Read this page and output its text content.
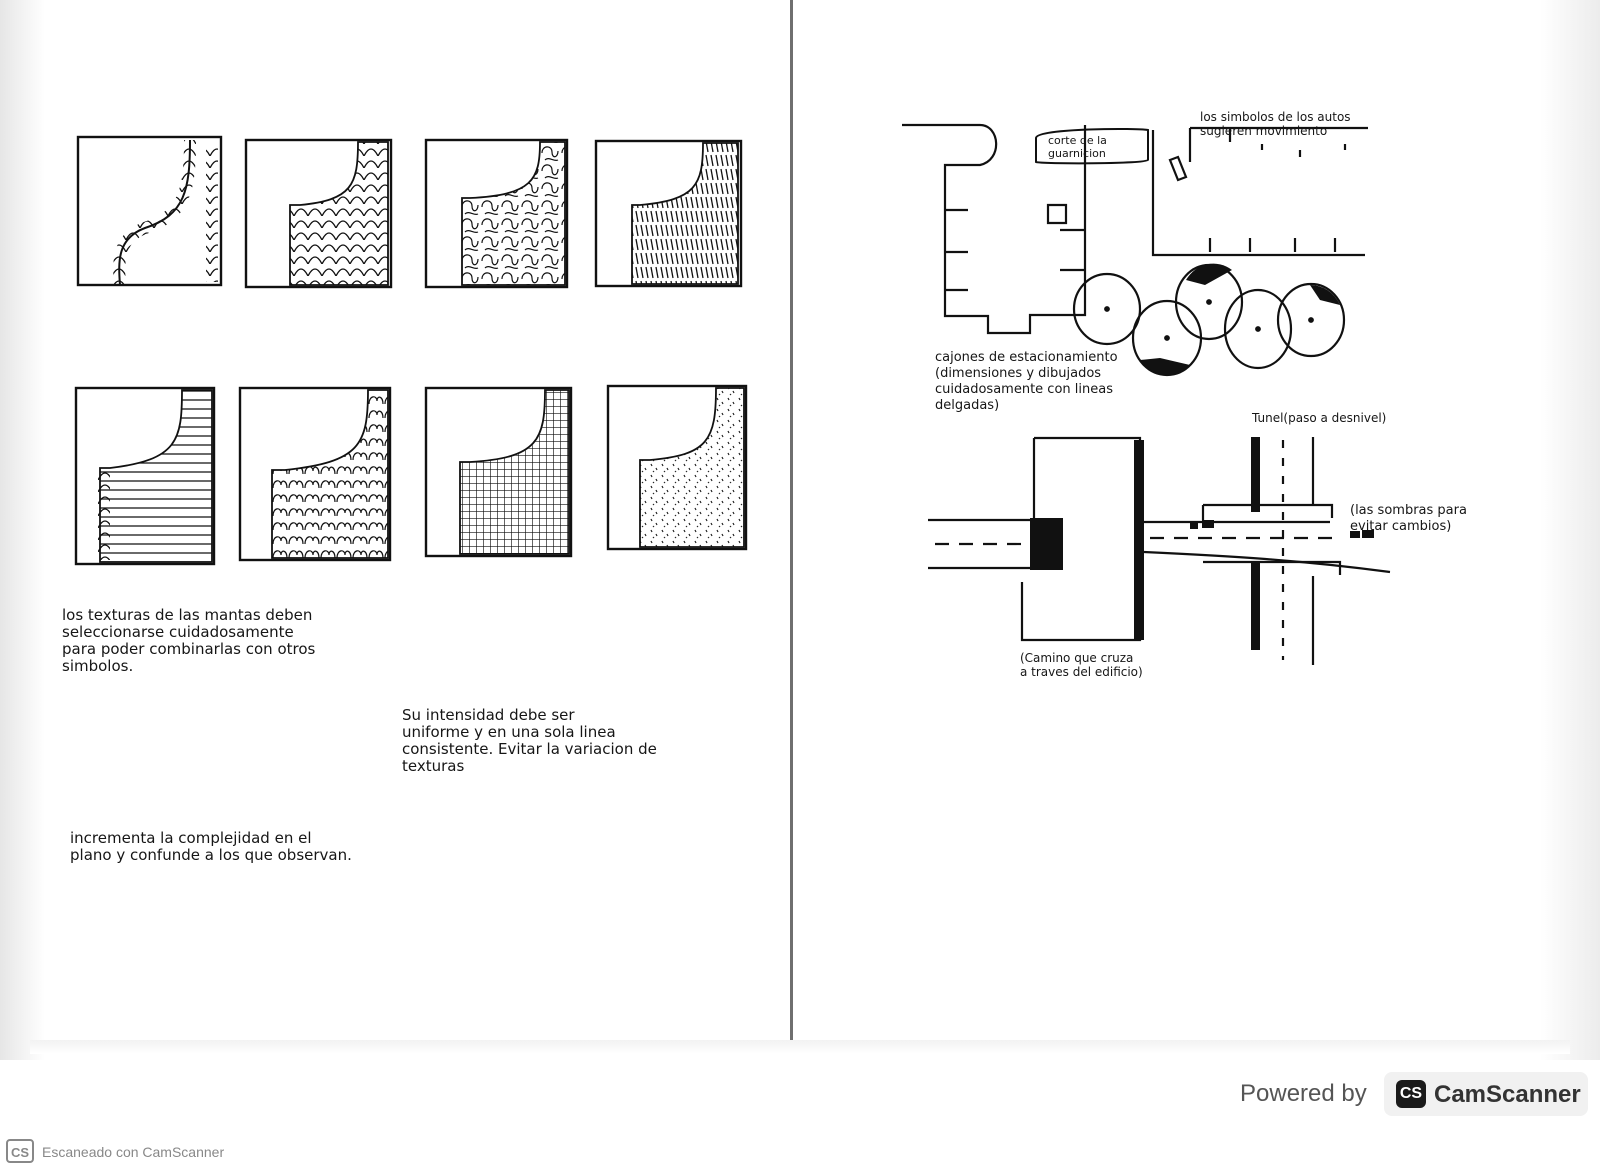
los texturas de las mantas deben
seleccionarse cuidadosamente
para poder combinarlas con otros
simbolos.

Su intensidad debe ser
uniforme y en una sola linea
consistente. Evitar la variacion de
texturas

incrementa la complejidad en el
plano y confunde a los que observan.

los simbolos de los autos
sugieren movimiento

corte de la
guarnicion

cajones de estacionamiento
(dimensiones y dibujados
cuidadosamente con lineas
delgadas)

Tunel(paso a desnivel)

(las sombras para
evitar cambios)

(Camino que cruza
a traves del edificio)

Powered by CS CamScanner
CS Escaneado con CamScanner
